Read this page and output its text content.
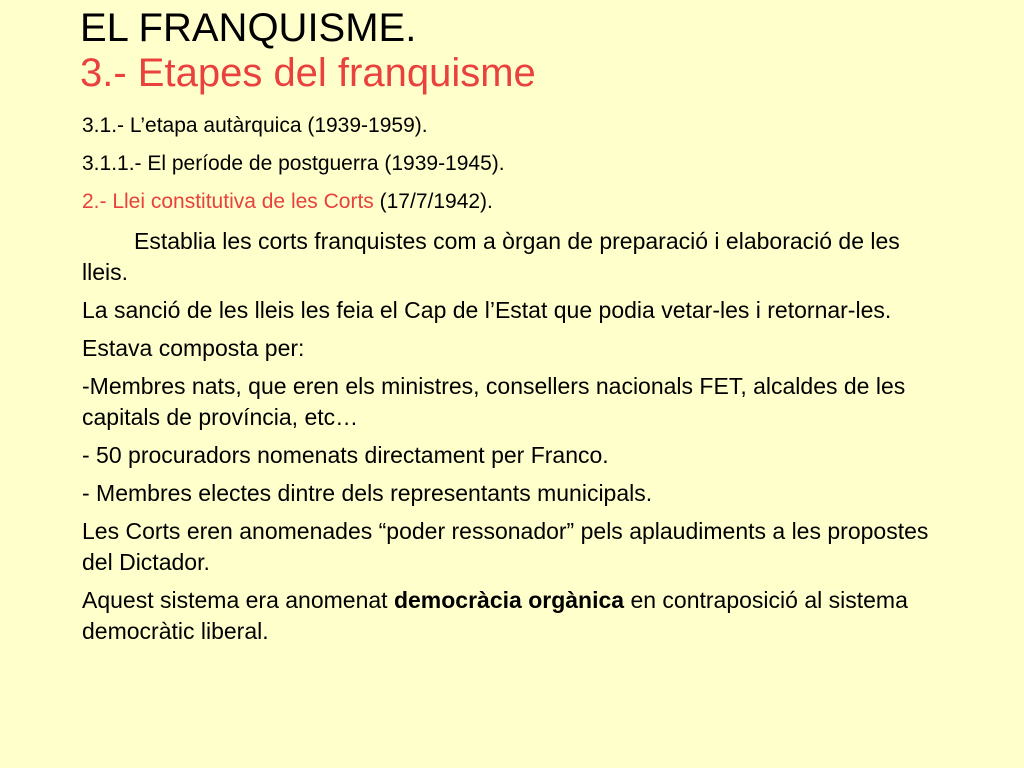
EL FRANQUISME.
3.- Etapes del franquisme
3.1.- L’etapa autàrquica (1939-1959).
3.1.1.- El període de postguerra (1939-1945).
2.- Llei constitutiva de les Corts (17/7/1942).
Establia les corts franquistes com a òrgan de preparació i elaboració de les lleis.
La sanció de les lleis les feia el Cap de l’Estat que podia vetar-les i retornar-les.
Estava composta per:
-Membres nats, que eren els ministres, consellers nacionals FET, alcaldes de les capitals de província, etc…
- 50 procuradors nomenats directament per Franco.
- Membres electes dintre dels representants municipals.
Les Corts eren anomenades “poder ressonador” pels aplaudiments a les propostes del Dictador.
Aquest sistema era anomenat democràcia orgànica en contraposició al sistema democràtic liberal.
